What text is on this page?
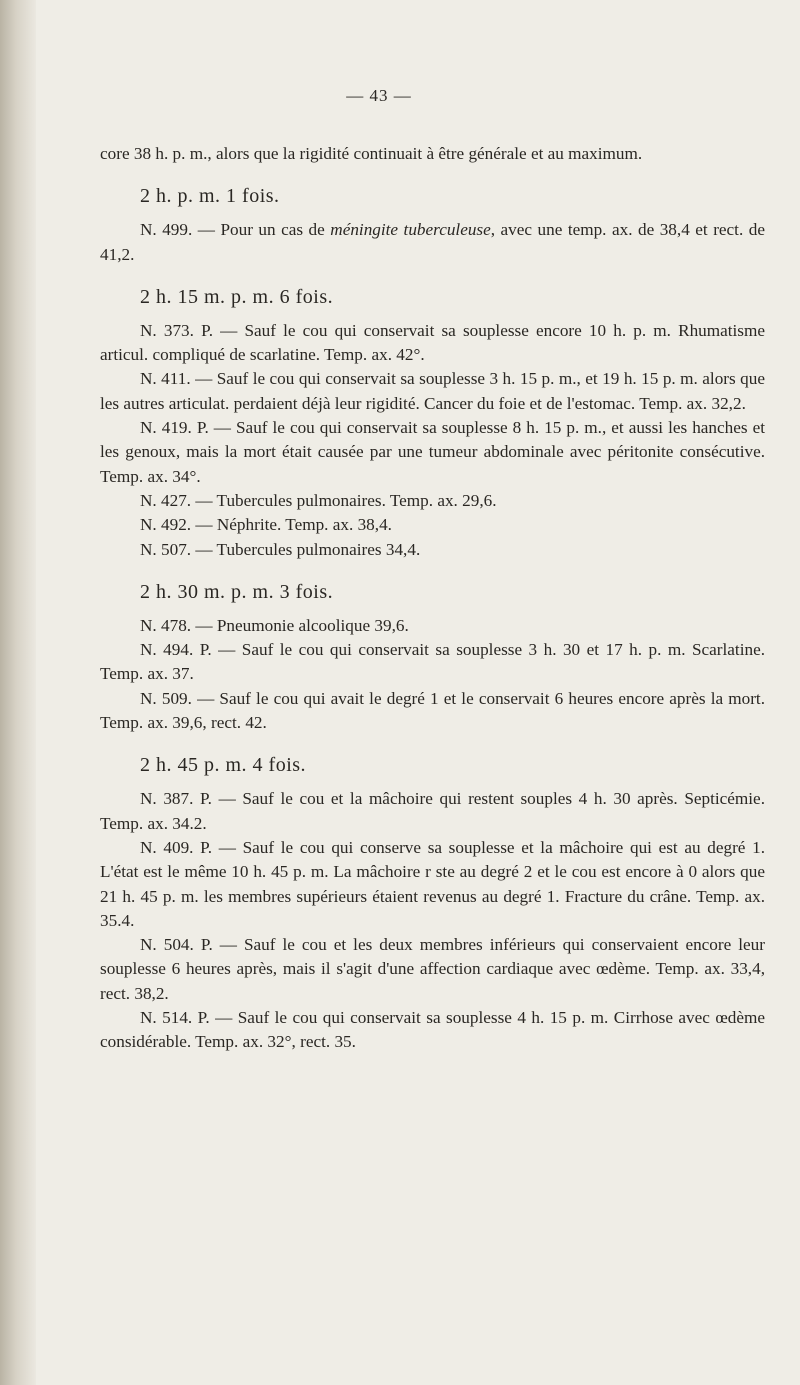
— 43 —

core 38 h. p. m., alors que la rigidité continuait à être générale et au maximum.

2 h. p. m. 1 fois.

N. 499. — Pour un cas de méningite tuberculeuse, avec une temp. ax. de 38,4 et rect. de 41,2.

2 h. 15 m. p. m. 6 fois.

N. 373. P. — Sauf le cou qui conservait sa souplesse encore 10 h. p. m. Rhumatisme articul. compliqué de scarlatine. Temp. ax. 42°.

N. 411. — Sauf le cou qui conservait sa souplesse 3 h. 15 p. m., et 19 h. 15 p. m. alors que les autres articulat. perdaient déjà leur rigidité. Cancer du foie et de l'estomac. Temp. ax. 32,2.

N. 419. P. — Sauf le cou qui conservait sa souplesse 8 h. 15 p. m., et aussi les hanches et les genoux, mais la mort était causée par une tumeur abdominale avec péritonite consécutive. Temp. ax. 34°.

N. 427. — Tubercules pulmonaires. Temp. ax. 29,6.

N. 492. — Néphrite. Temp. ax. 38,4.

N. 507. — Tubercules pulmonaires 34,4.

2 h. 30 m. p. m. 3 fois.

N. 478. — Pneumonie alcoolique 39,6.

N. 494. P. — Sauf le cou qui conservait sa souplesse 3 h. 30 et 17 h. p. m. Scarlatine. Temp. ax. 37.

N. 509. — Sauf le cou qui avait le degré 1 et le conservait 6 heures encore après la mort. Temp. ax. 39,6, rect. 42.

2 h. 45 p. m. 4 fois.

N. 387. P. — Sauf le cou et la mâchoire qui restent souples 4 h. 30 après. Septicémie. Temp. ax. 34.2.

N. 409. P. — Sauf le cou qui conserve sa souplesse et la mâchoire qui est au degré 1. L'état est le même 10 h. 45 p. m. La mâchoire r ste au degré 2 et le cou est encore à 0 alors que 21 h. 45 p. m. les membres supérieurs étaient revenus au degré 1. Fracture du crâne. Temp. ax. 35.4.

N. 504. P. — Sauf le cou et les deux membres inférieurs qui conservaient encore leur souplesse 6 heures après, mais il s'agit d'une affection cardiaque avec œdème. Temp. ax. 33,4, rect. 38,2.

N. 514. P. — Sauf le cou qui conservait sa souplesse 4 h. 15 p. m. Cirrhose avec œdème considérable. Temp. ax. 32°, rect. 35.
